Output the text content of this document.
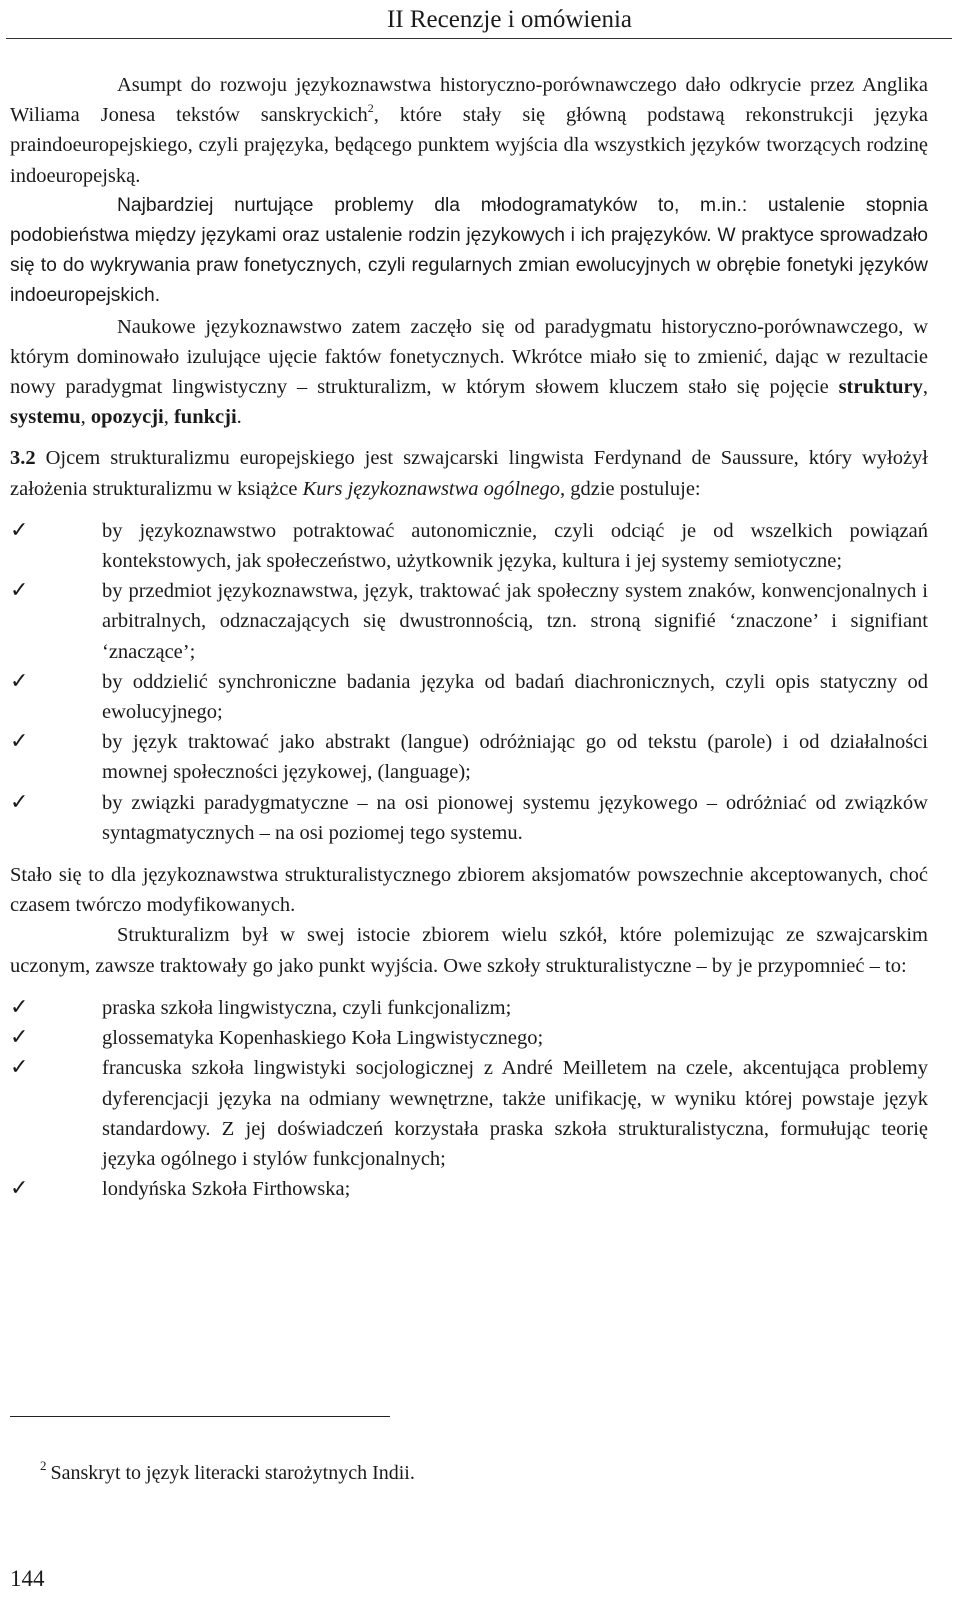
II Recenzje i omówienia

Asumpt do rozwoju językoznawstwa historyczno-porównawczego dało odkrycie przez Anglika Wiliama Jonesa tekstów sanskryckich$^2$, które stały się główną podstawą rekonstrukcji języka praindoeuropejskiego, czyli prajęzyka, będącego punktem wyjścia dla wszystkich języków tworzących rodzinę indoeuropejską.

Najbardziej nurtujące problemy dla młodogramatyków to, m.in.: ustalenie stopnia podobieństwa między językami oraz ustalenie rodzin językowych i ich prajęzyków. W praktyce sprowadzało się to do wykrywania praw fonetycznych, czyli regularnych zmian ewolucyjnych w obrębie fonetyki języków indoeuropejskich.

Naukowe językoznawstwo zatem zaczęło się od paradygmatu historyczno-porównawczego, w którym dominowało izulujące ujęcie faktów fonetycznych. Wkrótce miało się to zmienić, dając w rezultacie nowy paradygmat lingwistyczny – strukturalizm, w którym słowem kluczem stało się pojęcie struktury, systemu, opozycji, funkcji.

3.2 Ojcem strukturalizmu europejskiego jest szwajcarski lingwista Ferdynand de Saussure, który wyłożył założenia strukturalizmu w książce Kurs językoznawstwa ogólnego, gdzie postuluje:

✓	by językoznawstwo potraktować autonomicznie, czyli odciąć je od wszelkich powiązań kontekstowych, jak społeczeństwo, użytkownik języka, kultura i jej systemy semiotyczne;
✓	by przedmiot językoznawstwa, język, traktować jak społeczny system znaków, konwencjonalnych i arbitralnych, odznaczających się dwustronnością, tzn. stroną signifié ‘znaczone’ i signifiant ‘znaczące’;
✓	by oddzielić synchroniczne badania języka od badań diachronicznych, czyli opis statyczny od ewolucyjnego;
✓	by język traktować jako abstrakt (langue) odróżniając go od tekstu (parole) i od działalności mownej społeczności językowej, (language);
✓	by związki paradygmatyczne – na osi pionowej systemu językowego – odróżniać od związków syntagmatycznych – na osi poziomej tego systemu.

Stało się to dla językoznawstwa strukturalistycznego zbiorem aksjomatów powszechnie akceptowanych, choć czasem twórczo modyfikowanych.

Strukturalizm był w swej istocie zbiorem wielu szkół, które polemizując ze szwajcarskim uczonym, zawsze traktowały go jako punkt wyjścia. Owe szkoły strukturalistyczne – by je przypomnieć – to:

✓	praska szkoła lingwistyczna, czyli funkcjonalizm;
✓	glossematyka Kopenhaskiego Koła Lingwistycznego;
✓	francuska szkoła lingwistyki socjologicznej z André Meilletem na czele, akcentująca problemy dyferencjacji języka na odmiany wewnętrzne, także unifikację, w wyniku której powstaje język standardowy. Z jej doświadczeń korzystała praska szkoła strukturalistyczna, formułując teorię języka ogólnego i stylów funkcjonalnych;
✓	londyńska Szkoła Firthowska;
$^2$ Sanskryt to język literacki starożytnych Indii.
144
